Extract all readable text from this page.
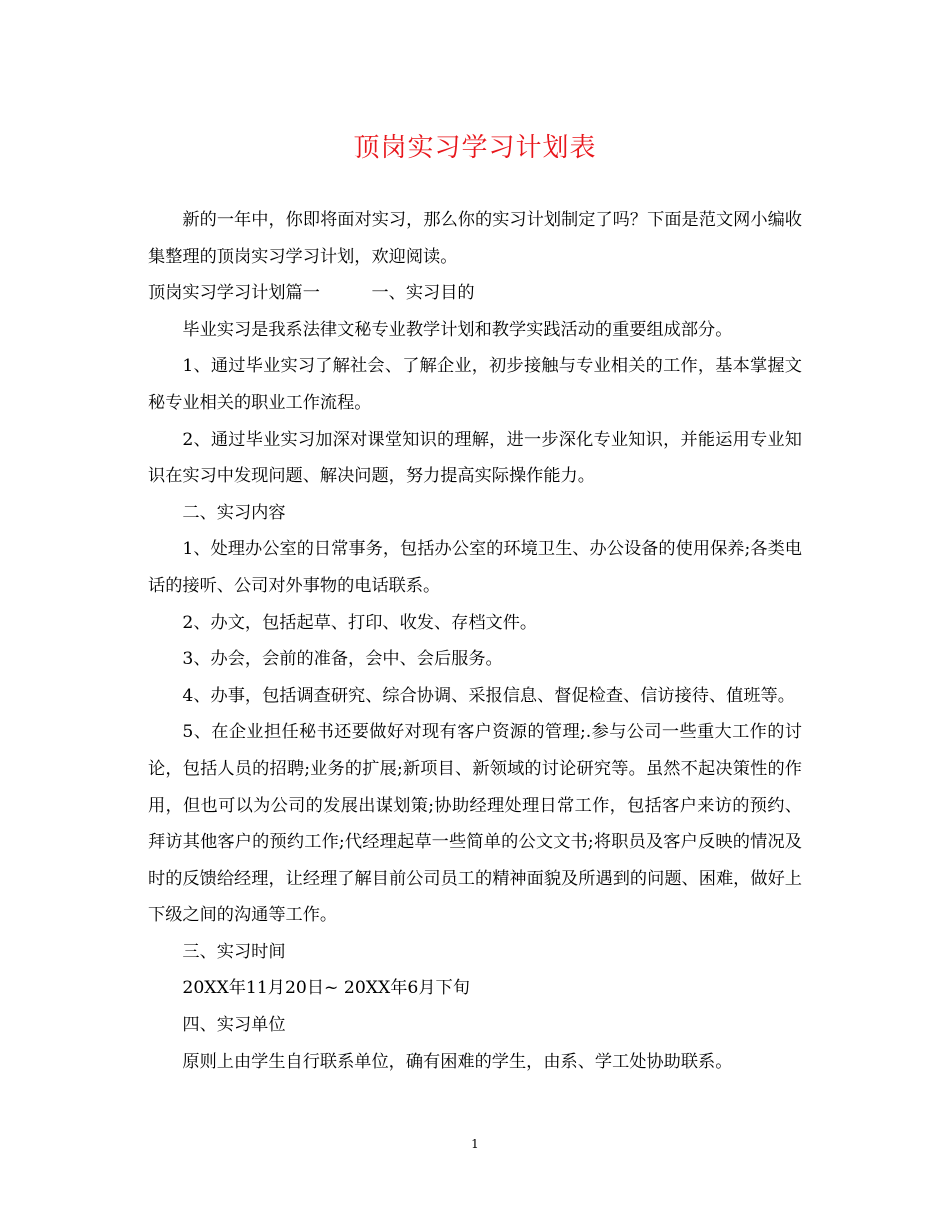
顶岗实习学习计划表

新的一年中，你即将面对实习，那么你的实习计划制定了吗？下面是范文网小编收集整理的顶岗实习学习计划，欢迎阅读。

顶岗实习学习计划篇一　　　一、实习目的

毕业实习是我系法律文秘专业教学计划和教学实践活动的重要组成部分。

1、通过毕业实习了解社会、了解企业，初步接触与专业相关的工作，基本掌握文秘专业相关的职业工作流程。

2、通过毕业实习加深对课堂知识的理解，进一步深化专业知识，并能运用专业知识在实习中发现问题、解决问题，努力提高实际操作能力。

二、实习内容

1、处理办公室的日常事务，包括办公室的环境卫生、办公设备的使用保养;各类电话的接听、公司对外事物的电话联系。

2、办文，包括起草、打印、收发、存档文件。

3、办会，会前的准备，会中、会后服务。

4、办事，包括调查研究、综合协调、采报信息、督促检查、信访接待、值班等。

5、在企业担任秘书还要做好对现有客户资源的管理;.参与公司一些重大工作的讨论，包括人员的招聘;业务的扩展;新项目、新领域的讨论研究等。虽然不起决策性的作用，但也可以为公司的发展出谋划策;协助经理处理日常工作，包括客户来访的预约、拜访其他客户的预约工作;代经理起草一些简单的公文文书;将职员及客户反映的情况及时的反馈给经理，让经理了解目前公司员工的精神面貌及所遇到的问题、困难，做好上下级之间的沟通等工作。

三、实习时间

20XX年11月20日~ 20XX年6月下旬

四、实习单位

原则上由学生自行联系单位，确有困难的学生，由系、学工处协助联系。

1
